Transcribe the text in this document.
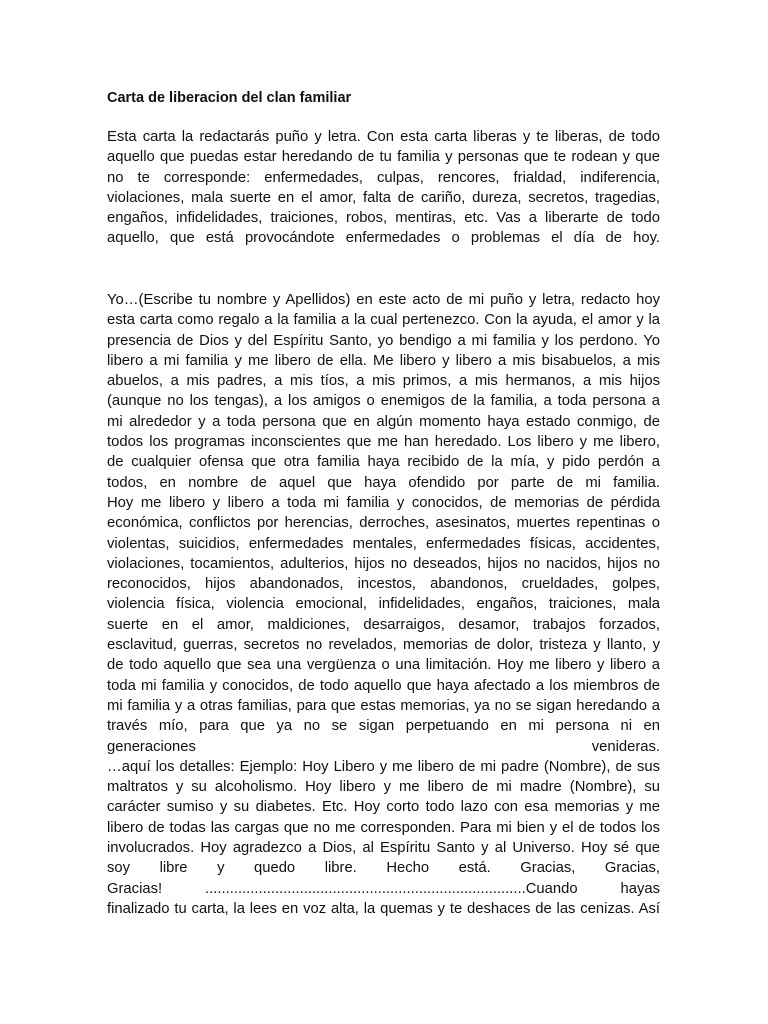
Carta de liberacion del clan familiar
Esta carta la redactarás puño y letra. Con esta carta liberas y te liberas, de todo
aquello que puedas estar heredando de tu familia y personas que te rodean y que
no te corresponde: enfermedades, culpas, rencores, frialdad, indiferencia,
violaciones, mala suerte en el amor, falta de cariño, dureza, secretos, tragedias,
engaños, infidelidades, traiciones, robos, mentiras, etc. Vas a liberarte de todo
aquello, que está provocándote enfermedades o problemas el día de hoy.
Yo…(Escribe tu nombre y Apellidos) en este acto de mi puño y letra, redacto hoy
esta carta como regalo a la familia a la cual pertenezco. Con la ayuda, el amor y la
presencia de Dios y del Espíritu Santo, yo bendigo a mi familia y los perdono. Yo
libero a mi familia y me libero de ella. Me libero y libero a mis bisabuelos, a mis
abuelos, a mis padres, a mis tíos, a mis primos, a mis hermanos, a mis hijos
(aunque no los tengas), a los amigos o enemigos de la familia, a toda persona a
mi alrededor y a toda persona que en algún momento haya estado conmigo, de
todos los programas inconscientes que me han heredado. Los libero y me libero,
de cualquier ofensa que otra familia haya recibido de la mía, y pido perdón a
todos, en nombre de aquel que haya ofendido por parte de mi familia.
Hoy me libero y libero a toda mi familia y conocidos, de memorias de pérdida
económica, conflictos por herencias, derroches, asesinatos, muertes repentinas o
violentas, suicidios, enfermedades mentales, enfermedades físicas, accidentes,
violaciones, tocamientos, adulterios, hijos no deseados, hijos no nacidos, hijos no
reconocidos, hijos abandonados, incestos, abandonos, crueldades, golpes,
violencia física, violencia emocional, infidelidades, engaños, traiciones, mala
suerte en el amor, maldiciones, desarraigos, desamor, trabajos forzados,
esclavitud, guerras, secretos no revelados, memorias de dolor, tristeza y llanto, y
de todo aquello que sea una vergüenza o una limitación. Hoy me libero y libero a
toda mi familia y conocidos, de todo aquello que haya afectado a los miembros de
mi familia y a otras familias, para que estas memorias, ya no se sigan heredando a
través mío, para que ya no se sigan perpetuando en mi persona ni en
generaciones	venideras.
…aquí los detalles: Ejemplo: Hoy Libero y me libero de mi padre (Nombre), de sus
maltratos y su alcoholismo. Hoy libero y me libero de mi madre (Nombre), su
carácter sumiso y su diabetes. Etc. Hoy corto todo lazo con esa memorias y me
libero de todas las cargas que no me corresponden. Para mi bien y el de todos los
involucrados. Hoy agradezco a Dios, al Espíritu Santo y al Universo. Hoy sé que
soy libre y quedo libre. Hecho está. Gracias, Gracias,
Gracias! ..............................................................................Cuando hayas
finalizado tu carta, la lees en voz alta, la quemas y te deshaces de las cenizas. Así
